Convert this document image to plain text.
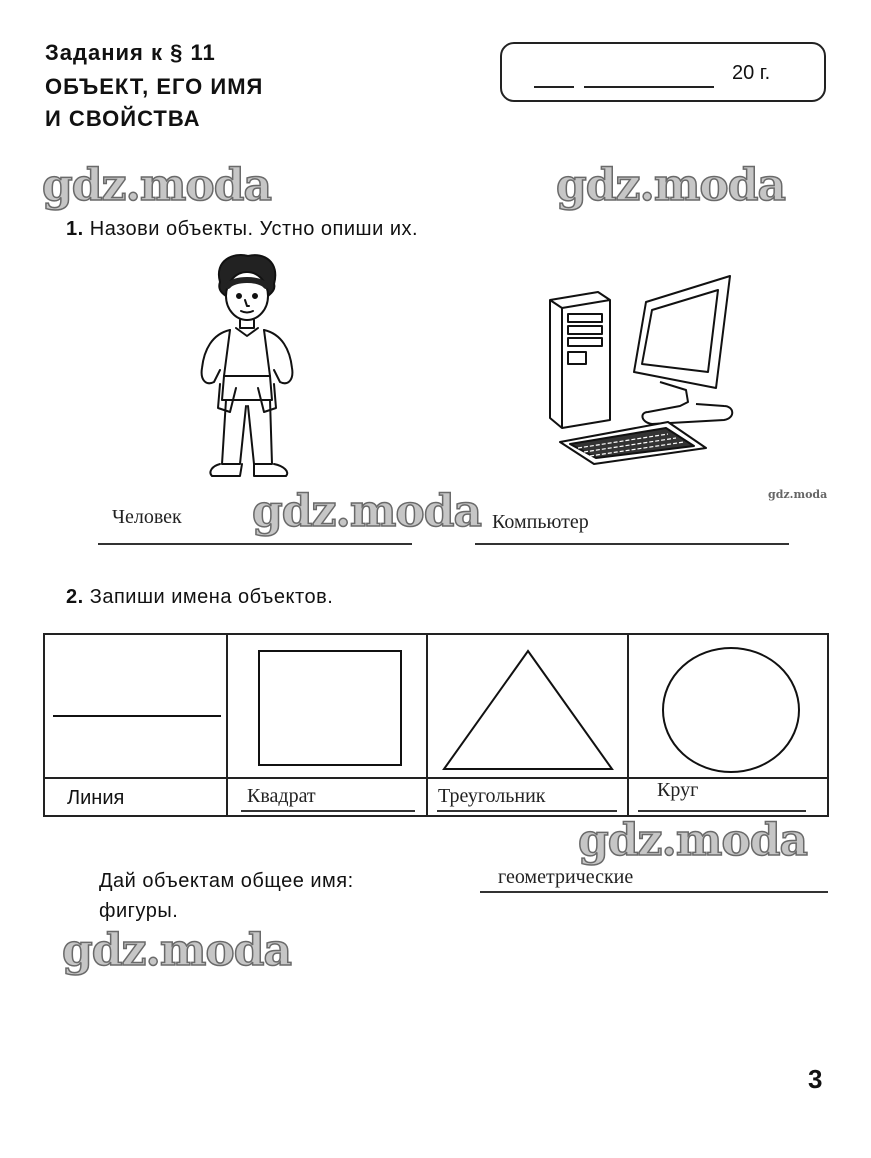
Задания к § 11
ОБЪЕКТ, ЕГО ИМЯ
И СВОЙСТВА
20 г.
gdz.moda	gdz.moda
gdz.moda	gdz.moda
gdz.moda
gdz.moda
1. Назови объекты. Устно опиши их.
Человек	Компьютер
2. Запиши имена объектов.
Линия	Квадрат	Треугольник	Круг
Дай объектам общее имя:	геометрические
фигуры.
3
